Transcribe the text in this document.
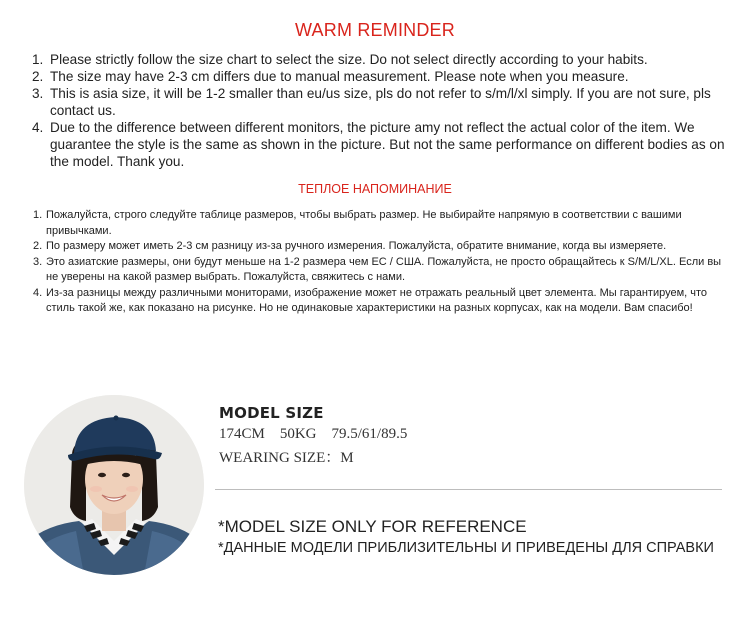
WARM REMINDER
1. Please strictly follow the size chart to select the size. Do not select directly according to your habits.
2. The size may have 2-3 cm differs due to manual measurement. Please note when you measure.
3. This is asia size, it will be 1-2 smaller than eu/us size, pls do not refer to s/m/l/xl simply. If you are not sure, pls contact us.
4. Due to the difference between different monitors, the picture amy not reflect the actual color of the item. We guarantee the style is the same as shown in the picture. But not the same performance on different bodies as on the model. Thank you.
ТЕПЛОЕ НАПОМИНАНИЕ
1. Пожалуйста, строго следуйте таблице размеров, чтобы выбрать размер. Не выбирайте напрямую в соответствии с вашими привычками.
2. По размеру может иметь 2-3 см разницу из-за ручного измерения. Пожалуйста, обратите внимание, когда вы измеряете.
3. Это азиатские размеры, они будут меньше на 1-2 размера чем ЕС / США. Пожалуйста, не просто обращайтесь к S/M/L/XL. Если вы не уверены на какой размер выбрать. Пожалуйста, свяжитесь с нами.
4. Из-за разницы между различными мониторами, изображение может не отражать реальный цвет элемента. Мы гарантируем, что стиль такой же, как показано на рисунке. Но не одинаковые характеристики на разных корпусах, как на модели. Вам спасибо!
MODEL SIZE
174CM    50KG    79.5/61/89.5
WEARING SIZE：M
*MODEL SIZE ONLY FOR REFERENCE
*ДАННЫЕ МОДЕЛИ ПРИБЛИЗИТЕЛЬНЫ И ПРИВЕДЕНЫ ДЛЯ СПРАВКИ
